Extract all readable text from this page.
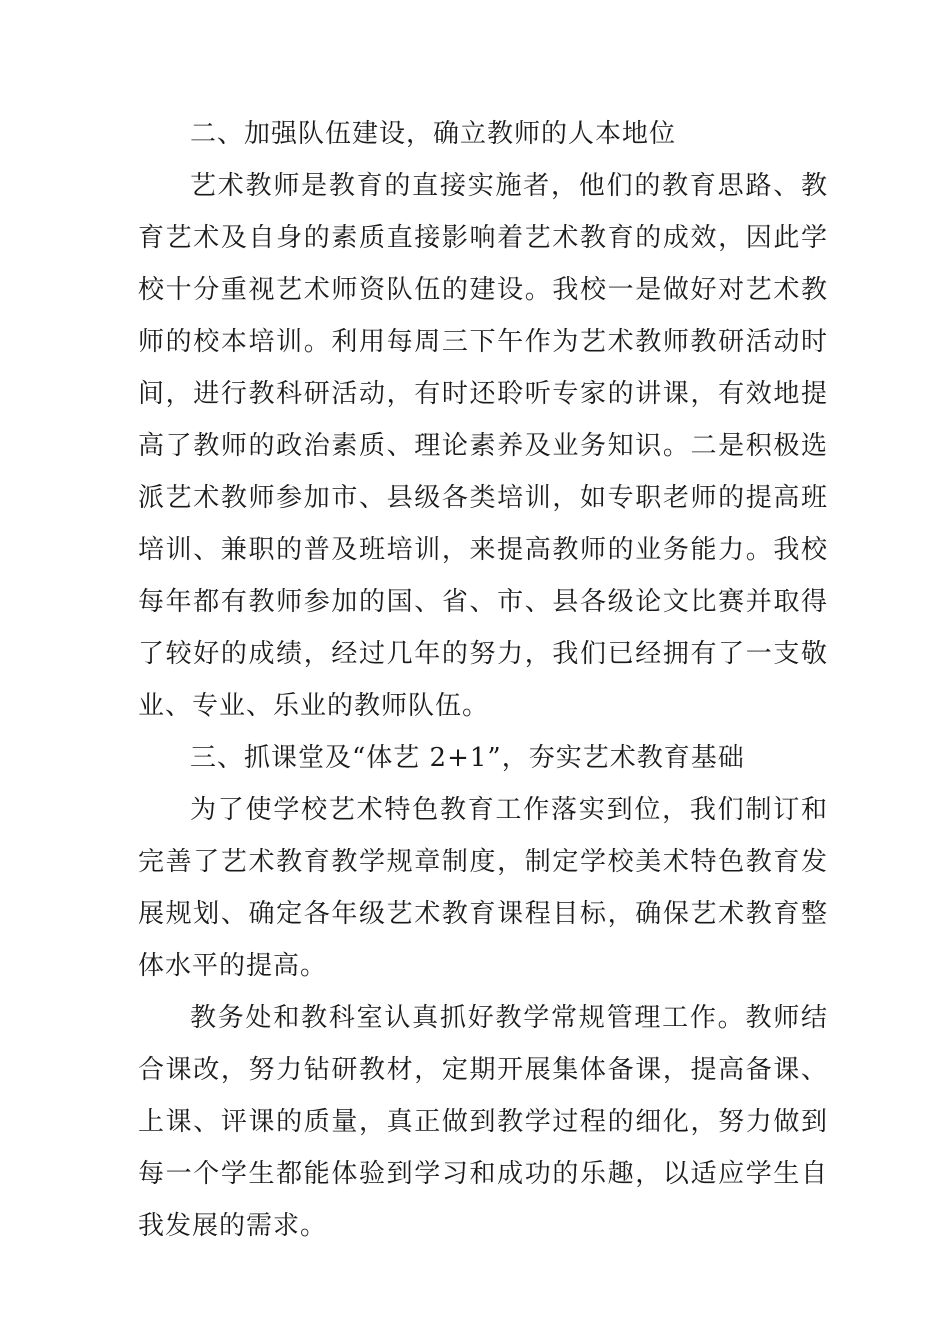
二、加强队伍建设，确立教师的人本地位

艺术教师是教育的直接实施者，他们的教育思路、教育艺术及自身的素质直接影响着艺术教育的成效，因此学校十分重视艺术师资队伍的建设。我校一是做好对艺术教师的校本培训。利用每周三下午作为艺术教师教研活动时间，进行教科研活动，有时还聆听专家的讲课，有效地提高了教师的政治素质、理论素养及业务知识。二是积极选派艺术教师参加市、县级各类培训，如专职老师的提高班培训、兼职的普及班培训，来提高教师的业务能力。我校每年都有教师参加的国、省、市、县各级论文比赛并取得了较好的成绩，经过几年的努力，我们已经拥有了一支敬业、专业、乐业的教师队伍。

三、抓课堂及“体艺 2+1”，夯实艺术教育基础

为了使学校艺术特色教育工作落实到位，我们制订和完善了艺术教育教学规章制度，制定学校美术特色教育发展规划、确定各年级艺术教育课程目标，确保艺术教育整体水平的提高。

教务处和教科室认真抓好教学常规管理工作。教师结合课改，努力钻研教材，定期开展集体备课，提高备课、上课、评课的质量，真正做到教学过程的细化，努力做到每一个学生都能体验到学习和成功的乐趣，以适应学生自我发展的需求。
